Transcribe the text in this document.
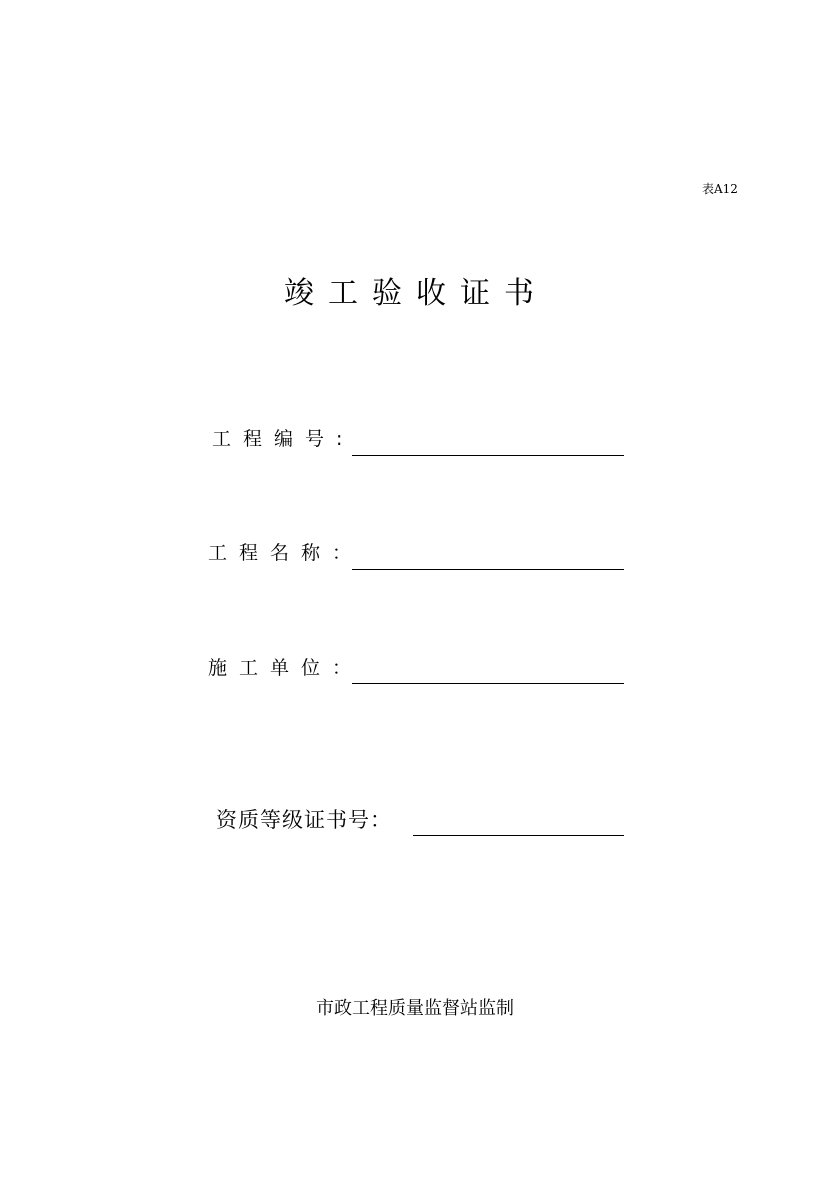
表A12
竣工验收证书
工程编号:
工程名称：
施工单位：
资质等级证书号：
市政工程质量监督站监制
